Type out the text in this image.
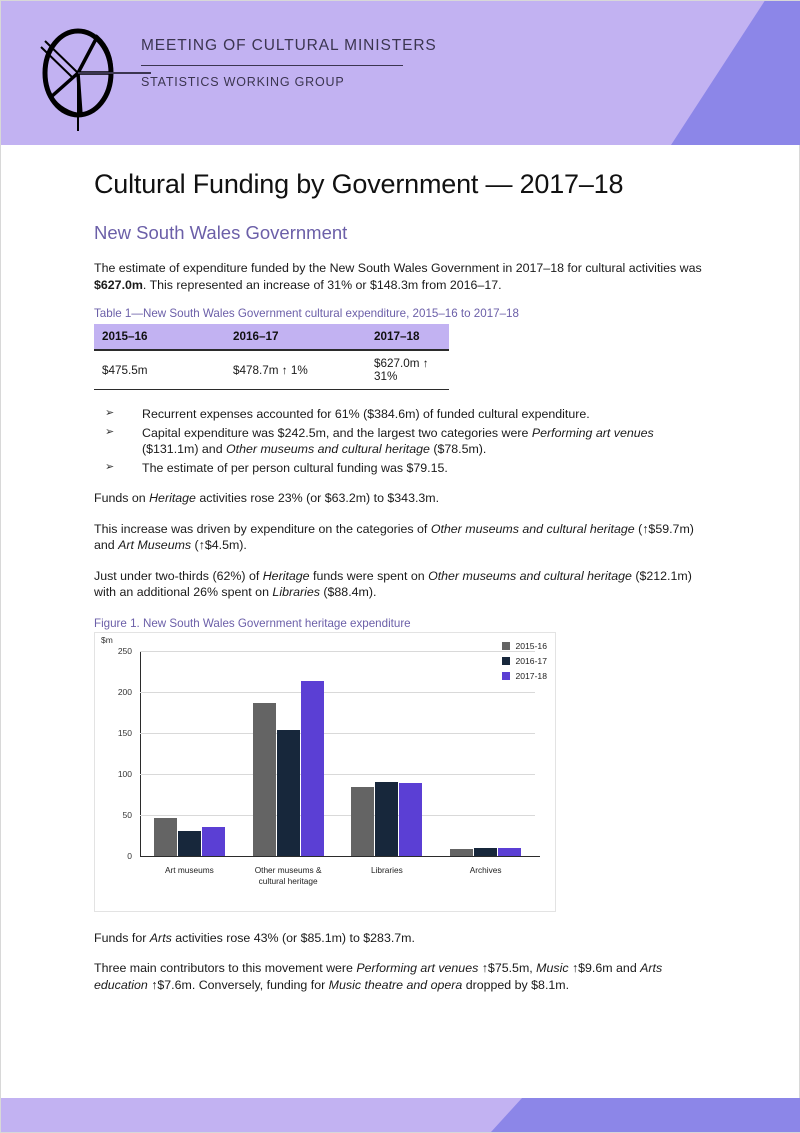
MEETING OF CULTURAL MINISTERS
STATISTICS WORKING GROUP
Cultural Funding by Government — 2017–18
New South Wales Government

The estimate of expenditure funded by the New South Wales Government in 2017–18 for cultural activities was $627.0m. This represented an increase of 31% or $148.3m from 2016–17.

Table 1—New South Wales Government cultural expenditure, 2015–16 to 2017–18
2015–16	2016–17	2017–18
$475.5m	$478.7m ↑ 1%	$627.0m ↑ 31%
➢ Recurrent expenses accounted for 61% ($384.6m) of funded cultural expenditure.
➢ Capital expenditure was $242.5m, and the largest two categories were Performing art venues ($131.1m) and Other museums and cultural heritage ($78.5m).
➢ The estimate of per person cultural funding was $79.15.

Funds on Heritage activities rose 23% (or $63.2m) to $343.3m.

This increase was driven by expenditure on the categories of Other museums and cultural heritage (↑$59.7m) and Art Museums (↑$4.5m).

Just under two-thirds (62%) of Heritage funds were spent on Other museums and cultural heritage ($212.1m) with an additional 26% spent on Libraries ($88.4m).

Figure 1. New South Wales Government heritage expenditure
$m
2015-16
2016-17
2017-18
0
50
100
150
200
250
Art museums	Other museums &
cultural heritage
Libraries	Archives

Funds for Arts activities rose 43% (or $85.1m) to $283.7m.

Three main contributors to this movement were Performing art venues ↑$75.5m, Music ↑$9.6m and Arts education ↑$7.6m. Conversely, funding for Music theatre and opera dropped by $8.1m.
